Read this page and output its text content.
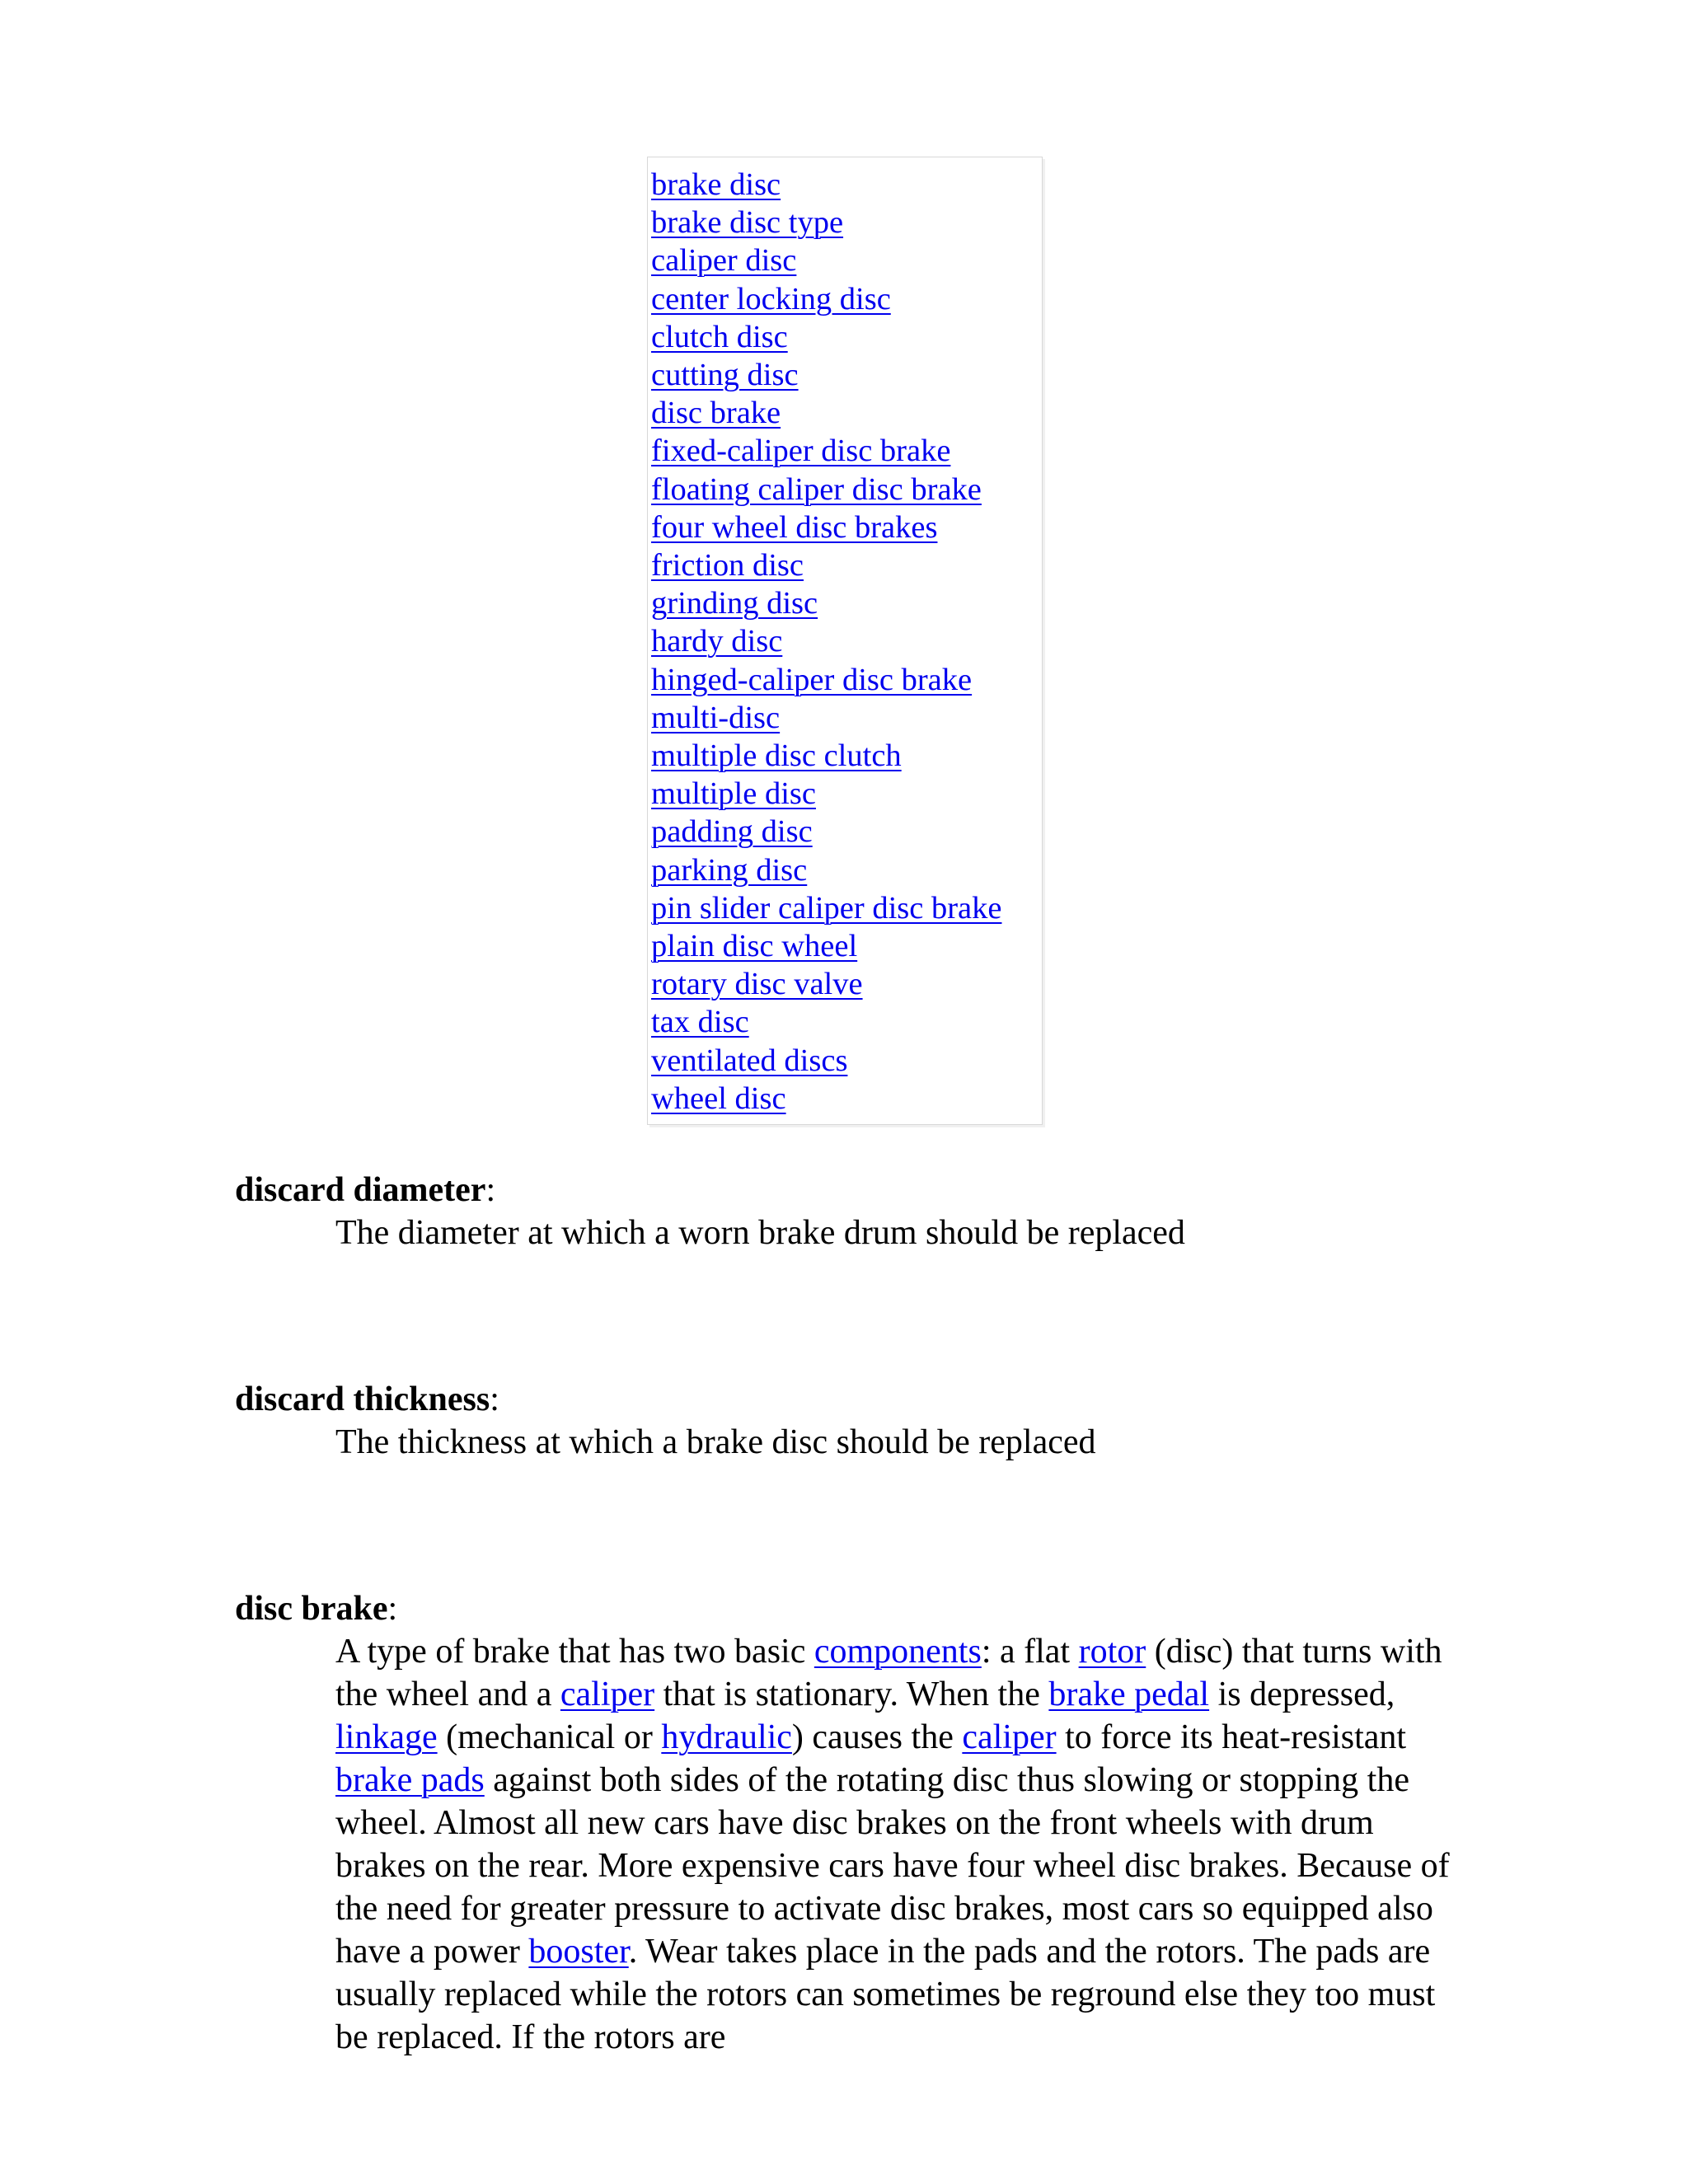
brake disc
brake disc type
caliper disc
center locking disc
clutch disc
cutting disc
disc brake
fixed-caliper disc brake
floating caliper disc brake
four wheel disc brakes
friction disc
grinding disc
hardy disc
hinged-caliper disc brake
multi-disc
multiple disc clutch
multiple disc
padding disc
parking disc
pin slider caliper disc brake
plain disc wheel
rotary disc valve
tax disc
ventilated discs
wheel disc
discard diameter:
The diameter at which a worn brake drum should be replaced
discard thickness:
The thickness at which a brake disc should be replaced
disc brake:
A type of brake that has two basic components: a flat rotor (disc) that turns with the wheel and a caliper that is stationary. When the brake pedal is depressed, linkage (mechanical or hydraulic) causes the caliper to force its heat-resistant brake pads against both sides of the rotating disc thus slowing or stopping the wheel. Almost all new cars have disc brakes on the front wheels with drum brakes on the rear. More expensive cars have four wheel disc brakes. Because of the need for greater pressure to activate disc brakes, most cars so equipped also have a power booster. Wear takes place in the pads and the rotors. The pads are usually replaced while the rotors can sometimes be reground else they too must be replaced. If the rotors are
